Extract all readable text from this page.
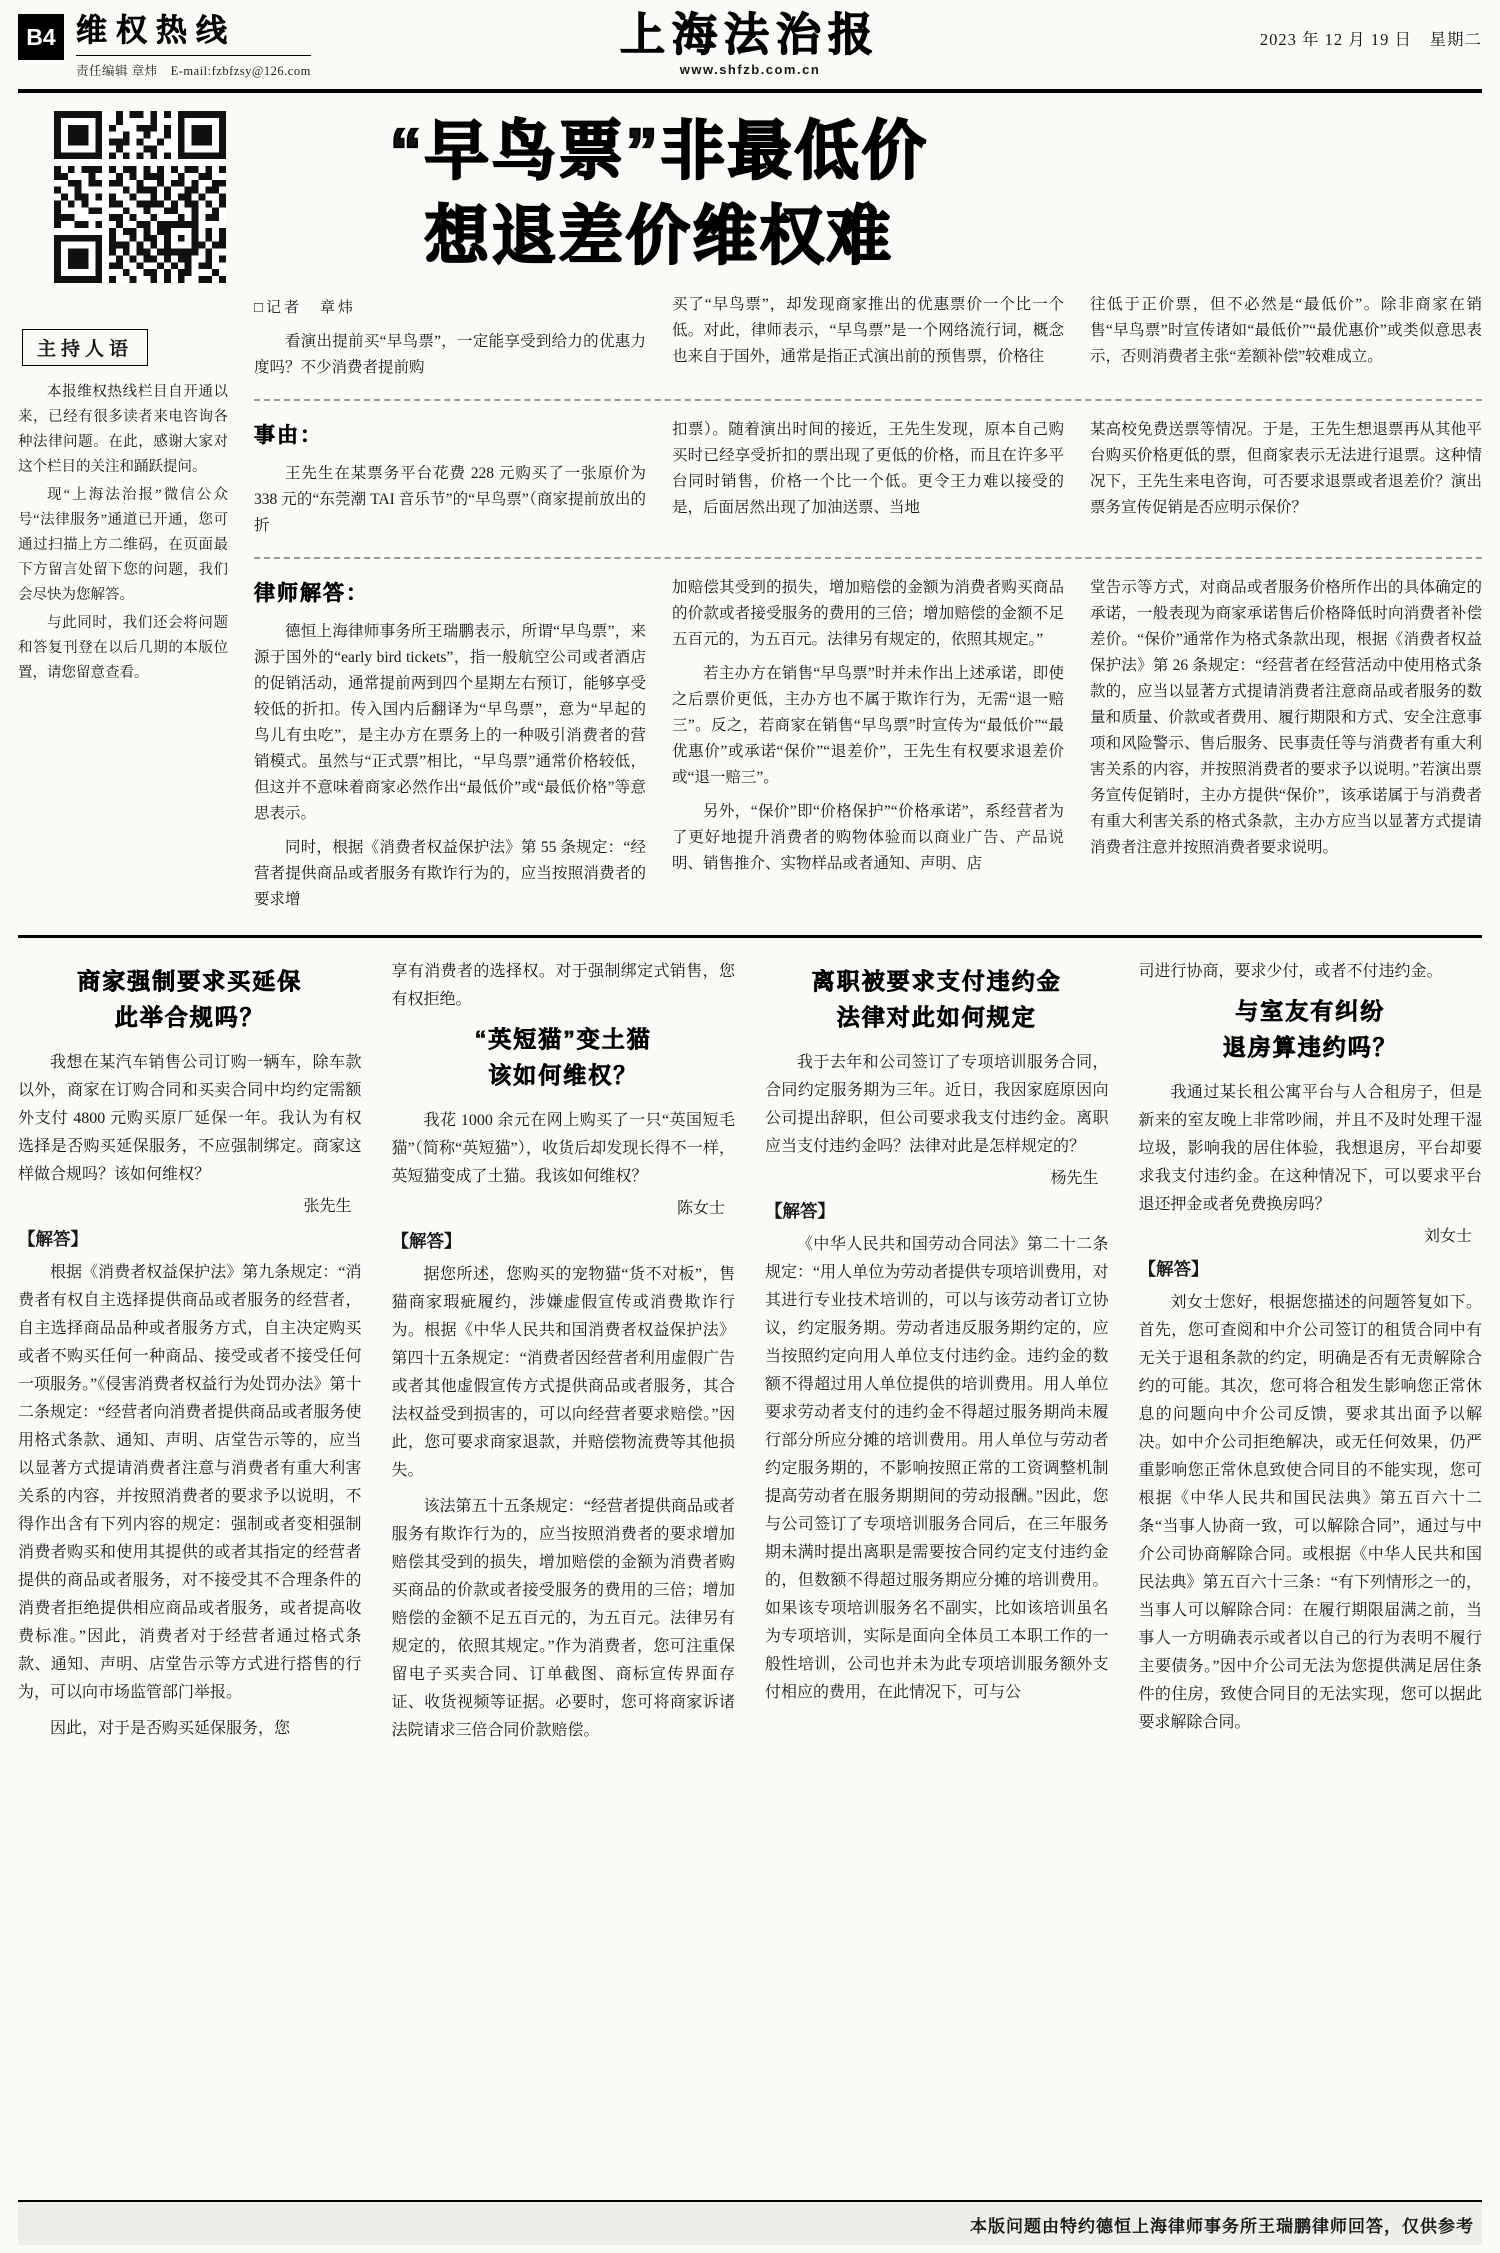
B4 维权热线
责任编辑 章炜　E-mail:fzbfzsy@126.com
上海法治报
www.shfzb.com.cn
2023 年 12 月 19 日　星期二
主持人语

本报维权热线栏目自开通以来，已经有很多读者来电咨询各种法律问题。在此，感谢大家对这个栏目的关注和踊跃提问。

现“上海法治报”微信公众号“法律服务”通道已开通，您可通过扫描上方二维码，在页面最下方留言处留下您的问题，我们会尽快为您解答。

与此同时，我们还会将问题和答复刊登在以后几期的本版位置，请您留意查看。

“早鸟票”非最低价
想退差价维权难
□记者　章炜

看演出提前买“早鸟票”，一定能享受到给力的优惠力度吗？不少消费者提前购

买了“早鸟票”，却发现商家推出的优惠票价一个比一个低。对此，律师表示，“早鸟票”是一个网络流行词，概念也来自于国外，通常是指正式演出前的预售票，价格往

往低于正价票，但不必然是“最低价”。除非商家在销售“早鸟票”时宣传诸如“最低价”“最优惠价”或类似意思表示，否则消费者主张“差额补偿”较难成立。

事由：

王先生在某票务平台花费 228 元购买了一张原价为 338 元的“东莞潮 TAI 音乐节”的“早鸟票”（商家提前放出的折

扣票）。随着演出时间的接近，王先生发现，原本自己购买时已经享受折扣的票出现了更低的价格，而且在许多平台同时销售，价格一个比一个低。更令王力难以接受的是，后面居然出现了加油送票、当地

某高校免费送票等情况。于是，王先生想退票再从其他平台购买价格更低的票，但商家表示无法进行退票。这种情况下，王先生来电咨询，可否要求退票或者退差价？演出票务宣传促销是否应明示保价？

律师解答：

德恒上海律师事务所王瑞鹏表示，所谓“早鸟票”，来源于国外的“early bird tickets”，指一般航空公司或者酒店的促销活动，通常提前两到四个星期左右预订，能够享受较低的折扣。传入国内后翻译为“早鸟票”，意为“早起的鸟儿有虫吃”，是主办方在票务上的一种吸引消费者的营销模式。虽然与“正式票”相比，“早鸟票”通常价格较低，但这并不意味着商家必然作出“最低价”或“最低价格”等意思表示。

同时，根据《消费者权益保护法》第 55 条规定：“经营者提供商品或者服务有欺诈行为的，应当按照消费者的要求增

加赔偿其受到的损失，增加赔偿的金额为消费者购买商品的价款或者接受服务的费用的三倍；增加赔偿的金额不足五百元的，为五百元。法律另有规定的，依照其规定。”

若主办方在销售“早鸟票”时并未作出上述承诺，即使之后票价更低，主办方也不属于欺诈行为，无需“退一赔三”。反之，若商家在销售“早鸟票”时宣传为“最低价”“最优惠价”或承诺“保价”“退差价”，王先生有权要求退差价或“退一赔三”。

另外，“保价”即“价格保护”“价格承诺”，系经营者为了更好地提升消费者的购物体验而以商业广告、产品说明、销售推介、实物样品或者通知、声明、店

堂告示等方式，对商品或者服务价格所作出的具体确定的承诺，一般表现为商家承诺售后价格降低时向消费者补偿差价。“保价”通常作为格式条款出现，根据《消费者权益保护法》第 26 条规定：“经营者在经营活动中使用格式条款的，应当以显著方式提请消费者注意商品或者服务的数量和质量、价款或者费用、履行期限和方式、安全注意事项和风险警示、售后服务、民事责任等与消费者有重大利害关系的内容，并按照消费者的要求予以说明。”若演出票务宣传促销时，主办方提供“保价”，该承诺属于与消费者有重大利害关系的格式条款，主办方应当以显著方式提请消费者注意并按照消费者要求说明。

商家强制要求买延保
此举合规吗？

我想在某汽车销售公司订购一辆车，除车款以外，商家在订购合同和买卖合同中均约定需额外支付 4800 元购买原厂延保一年。我认为有权选择是否购买延保服务，不应强制绑定。商家这样做合规吗？该如何维权？

张先生
【解答】

根据《消费者权益保护法》第九条规定：“消费者有权自主选择提供商品或者服务的经营者，自主选择商品品种或者服务方式，自主决定购买或者不购买任何一种商品、接受或者不接受任何一项服务。”《侵害消费者权益行为处罚办法》第十二条规定：“经营者向消费者提供商品或者服务使用格式条款、通知、声明、店堂告示等的，应当以显著方式提请消费者注意与消费者有重大利害关系的内容，并按照消费者的要求予以说明，不得作出含有下列内容的规定：强制或者变相强制消费者购买和使用其提供的或者其指定的经营者提供的商品或者服务，对不接受其不合理条件的消费者拒绝提供相应商品或者服务，或者提高收费标准。”因此，消费者对于经营者通过格式条款、通知、声明、店堂告示等方式进行搭售的行为，可以向市场监管部门举报。

因此，对于是否购买延保服务，您

享有消费者的选择权。对于强制绑定式销售，您有权拒绝。

“英短猫”变土猫
该如何维权？

我花 1000 余元在网上购买了一只“英国短毛猫”（简称“英短猫”），收货后却发现长得不一样，英短猫变成了土猫。我该如何维权？

陈女士
【解答】

据您所述，您购买的宠物猫“货不对板”，售猫商家瑕疵履约，涉嫌虚假宣传或消费欺诈行为。根据《中华人民共和国消费者权益保护法》第四十五条规定：“消费者因经营者利用虚假广告或者其他虚假宣传方式提供商品或者服务，其合法权益受到损害的，可以向经营者要求赔偿。”因此，您可要求商家退款，并赔偿物流费等其他损失。

该法第五十五条规定：“经营者提供商品或者服务有欺诈行为的，应当按照消费者的要求增加赔偿其受到的损失，增加赔偿的金额为消费者购买商品的价款或者接受服务的费用的三倍；增加赔偿的金额不足五百元的，为五百元。法律另有规定的，依照其规定。”作为消费者，您可注重保留电子买卖合同、订单截图、商标宣传界面存证、收货视频等证据。必要时，您可将商家诉诸法院请求三倍合同价款赔偿。

离职被要求支付违约金
法律对此如何规定

我于去年和公司签订了专项培训服务合同，合同约定服务期为三年。近日，我因家庭原因向公司提出辞职，但公司要求我支付违约金。离职应当支付违约金吗？法律对此是怎样规定的？

杨先生
【解答】

《中华人民共和国劳动合同法》第二十二条规定：“用人单位为劳动者提供专项培训费用，对其进行专业技术培训的，可以与该劳动者订立协议，约定服务期。劳动者违反服务期约定的，应当按照约定向用人单位支付违约金。违约金的数额不得超过用人单位提供的培训费用。用人单位要求劳动者支付的违约金不得超过服务期尚未履行部分所应分摊的培训费用。用人单位与劳动者约定服务期的，不影响按照正常的工资调整机制提高劳动者在服务期期间的劳动报酬。”因此，您与公司签订了专项培训服务合同后，在三年服务期未满时提出离职是需要按合同约定支付违约金的，但数额不得超过服务期应分摊的培训费用。如果该专项培训服务名不副实，比如该培训虽名为专项培训，实际是面向全体员工本职工作的一般性培训，公司也并未为此专项培训服务额外支付相应的费用，在此情况下，可与公

司进行协商，要求少付，或者不付违约金。

与室友有纠纷
退房算违约吗？

我通过某长租公寓平台与人合租房子，但是新来的室友晚上非常吵闹，并且不及时处理干湿垃圾，影响我的居住体验，我想退房，平台却要求我支付违约金。在这种情况下，可以要求平台退还押金或者免费换房吗？

刘女士
【解答】

刘女士您好，根据您描述的问题答复如下。首先，您可查阅和中介公司签订的租赁合同中有无关于退租条款的约定，明确是否有无责解除合约的可能。其次，您可将合租发生影响您正常休息的问题向中介公司反馈，要求其出面予以解决。如中介公司拒绝解决，或无任何效果，仍严重影响您正常休息致使合同目的不能实现，您可根据《中华人民共和国民法典》第五百六十二条“当事人协商一致，可以解除合同”，通过与中介公司协商解除合同。或根据《中华人民共和国民法典》第五百六十三条：“有下列情形之一的，当事人可以解除合同：在履行期限届满之前，当事人一方明确表示或者以自己的行为表明不履行主要债务。”因中介公司无法为您提供满足居住条件的住房，致使合同目的无法实现，您可以据此要求解除合同。

本版问题由特约德恒上海律师事务所王瑞鹏律师回答，仅供参考
